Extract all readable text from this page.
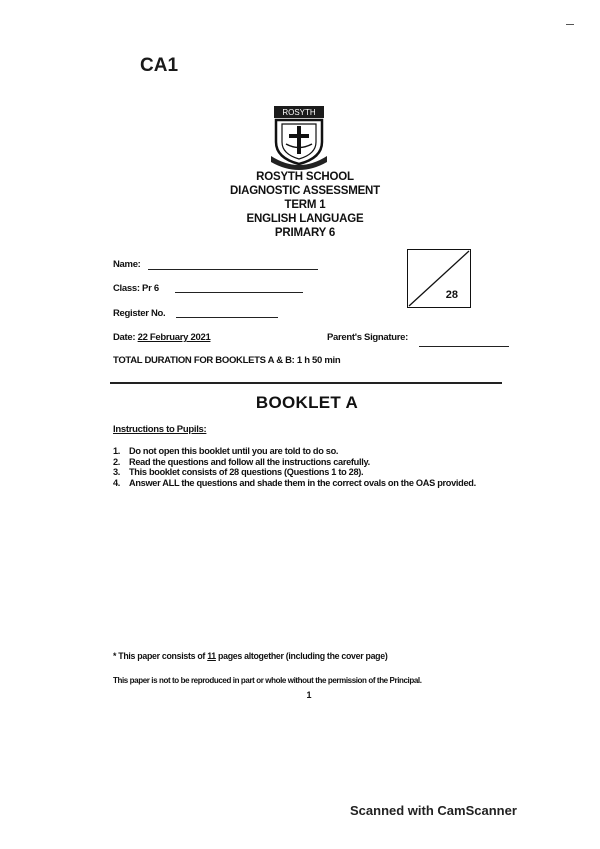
CA1
ROSYTH
ROSYTH SCHOOL
DIAGNOSTIC ASSESSMENT
TERM 1
ENGLISH LANGUAGE
PRIMARY 6
Name:
Class: Pr 6
Register No.
28
Date: 22 February 2021	Parent's Signature:
TOTAL DURATION FOR BOOKLETS A & B: 1 h 50 min
BOOKLET A
Instructions to Pupils:
1. Do not open this booklet until you are told to do so.
2. Read the questions and follow all the instructions carefully.
3. This booklet consists of 28 questions (Questions 1 to 28).
4. Answer ALL the questions and shade them in the correct ovals on the OAS provided.
* This paper consists of 11 pages altogether (including the cover page)
This paper is not to be reproduced in part or whole without the permission of the Principal.
1
Scanned with CamScanner
